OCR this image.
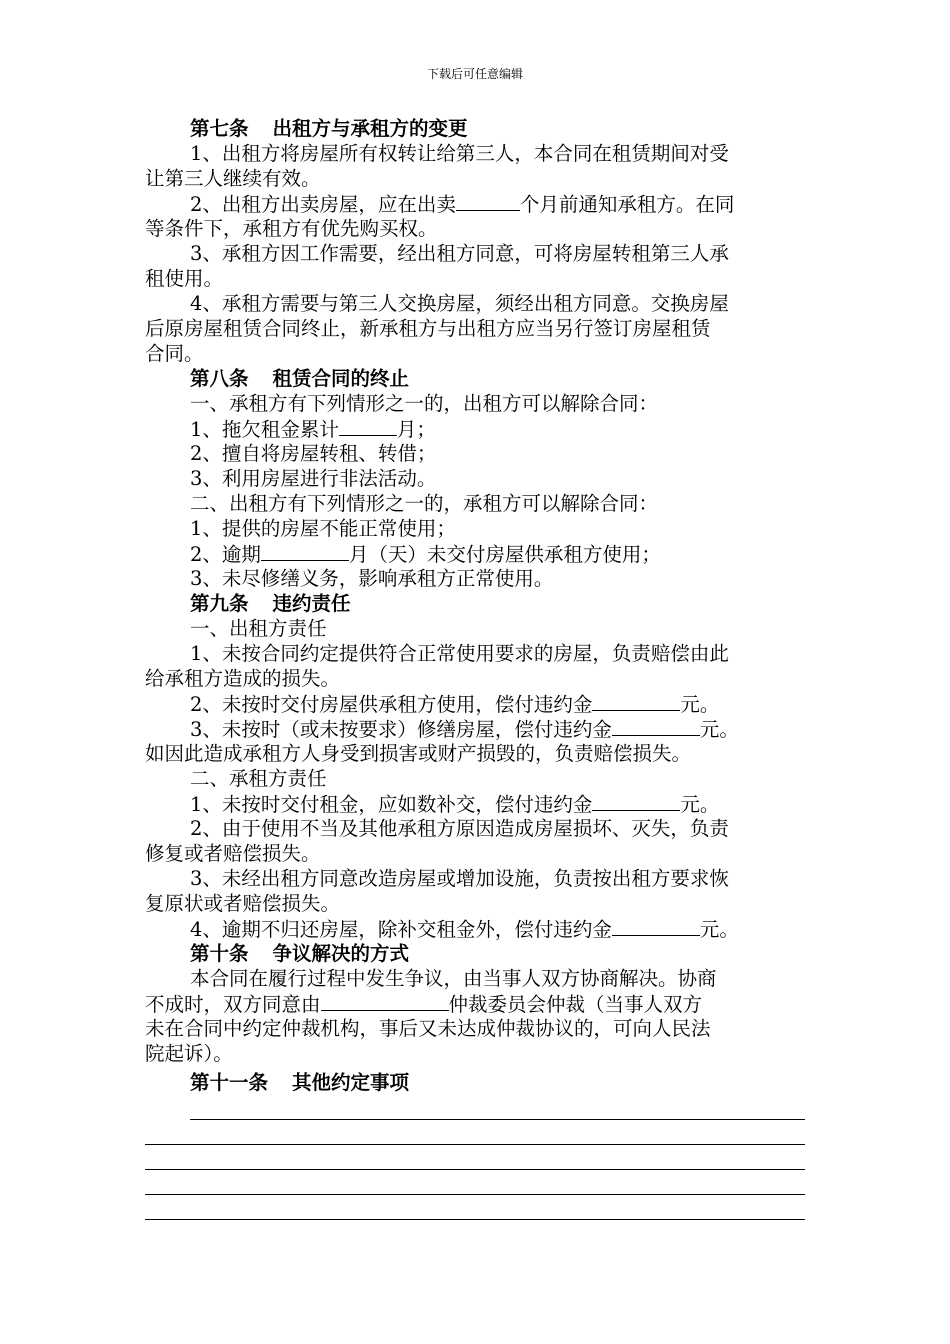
下载后可任意编辑
第七条 出租方与承租方的变更
1、出租方将房屋所有权转让给第三人，本合同在租赁期间对受
让第三人继续有效。
2、出租方出卖房屋，应在出卖	个月前通知承租方。在同
等条件下，承租方有优先购买权。
3、承租方因工作需要，经出租方同意，可将房屋转租第三人承
租使用。
4、承租方需要与第三人交换房屋，须经出租方同意。交换房屋
后原房屋租赁合同终止，新承租方与出租方应当另行签订房屋租赁
合同。
第八条 租赁合同的终止
一、承租方有下列情形之一的，出租方可以解除合同：
1、拖欠租金累计	月；
2、擅自将房屋转租、转借；
3、利用房屋进行非法活动。
二、出租方有下列情形之一的，承租方可以解除合同：
1、提供的房屋不能正常使用；
2、逾期	月（天）未交付房屋供承租方使用；
3、未尽修缮义务，影响承租方正常使用。
第九条 违约责任
一、出租方责任
1、未按合同约定提供符合正常使用要求的房屋，负责赔偿由此
给承租方造成的损失。
2、未按时交付房屋供承租方使用，偿付违约金	元。
3、未按时（或未按要求）修缮房屋，偿付违约金	元。
如因此造成承租方人身受到损害或财产损毁的，负责赔偿损失。
二、承租方责任
1、未按时交付租金，应如数补交，偿付违约金	元。
2、由于使用不当及其他承租方原因造成房屋损坏、灭失，负责
修复或者赔偿损失。
3、未经出租方同意改造房屋或增加设施，负责按出租方要求恢
复原状或者赔偿损失。
4、逾期不归还房屋，除补交租金外，偿付违约金	元。
第十条 争议解决的方式
本合同在履行过程中发生争议，由当事人双方协商解决。协商
不成时，双方同意由	仲裁委员会仲裁（当事人双方
未在合同中约定仲裁机构，事后又未达成仲裁协议的，可向人民法
院起诉）。
第十一条 其他约定事项
